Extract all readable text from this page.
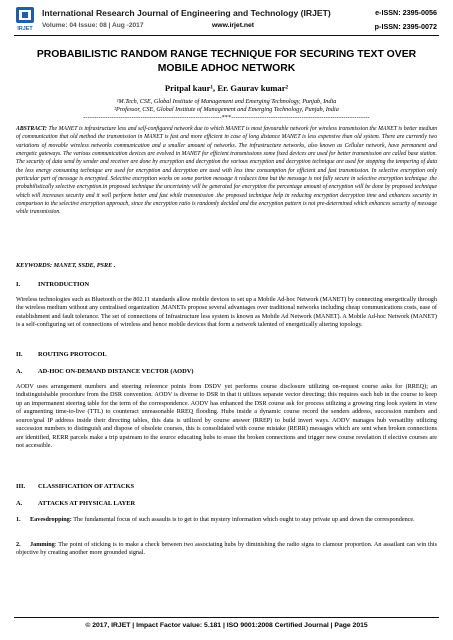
IRJET
International Research Journal of Engineering and Technology (IRJET)	e-ISSN: 2395-0056
Volume: 04 Issue: 08 | Aug -2017	www.irjet.net	p-ISSN: 2395-0072
PROBABILISTIC RANDOM RANGE TECHNIQUE FOR SECURING TEXT OVER MOBILE ADHOC NETWORK
Pritpal kaur¹, Er. Gaurav kumar²
¹M.Tech, CSE, Global Institute of Management and Emerging Technology, Punjab, India
²Professor, CSE, Global Institute of Management and Emerging Technology, Punjab, India
---------------------------------------------------------------***---------------------------------------------------------------
ABSTRACT: The MANET is infrastructure less and self-configured network due to which MANET is most favourable network for wireless transmission the MANET is better medium of communication that old method the transmission in MANET is fast and more efficient in case of long distance MANET is less expensive than old system. There are currently two variations of movable wireless networks communication and a smaller amount of networks. The infrastructure networks, also known as Cellular network, have permanent and energetic gateways. The various communication devices are evolved in MANET for efficient transmissions some fixed devices are used for better transmission are called base station. The security of data send by sender and receiver are done by encryption and decryption the various encryption and decryption technique are used for stopping the tempering of data the less energy consuming technique are used for encryption and decryption are used with less time consumption for efficient and fast transmission. In selective encryption only particular part of message is encrypted. Selective encryption works on some portion message it reduces time but the message is not fully secure in selective encryption technique .the probabilistically selective encryption.in proposed technique the uncertainty will be generated for encryption the percentage amount of encryption will be done by proposed technique which will increases security and it well perform better and fast while transmission .the proposed technique help in reducing encryption decryption time and enhances security in comparison to the selective encryption approach, since the encryption ratio is randomly decided and the encryption pattern is not pre-determined which enhances security of message while transmission.
KEYWORDS: MANET, SSDE, PSRE .
I.	INTRODUCTION
Wireless technologies such as Bluetooth or the 802.11 standards allow mobile devices to set up a Mobile Ad-hoc Network (MANET) by connecting energetically through the wireless medium without any centralised organization .MANETs propose several advantages over traditional networks including cheap communications costs, ease of establishment and fault tolerance. The set of connections of Infrastructure less system is known as Mobile Ad Network (MANET). A Mobile Ad-hoc Network (MANET) is a self-configuring set of connections of wireless and hence mobile devices that form a network talented of energetically altering topology.
II. ROUTING PROTOCOL
A. AD-HOC ON-DEMAND DISTANCE VECTOR (AODV)
AODV uses arrangement numbers and steering reference points from DSDV yet performs course disclosure utilizing on-request course asks for (RREQ); an indistinguishable procedure from the DSR convention. AODV is diverse to DSR in that it utilizes separate vector directing; this requires each hub in the course to keep up an impermanent steering table for the term of the correspondence. AODV has enhanced the DSR course ask for process utilizing a growing ring look system in view of augmenting time-to-live (TTL) to counteract unreasonable RREQ flooding. Hubs inside a dynamic course record the senders address, succession numbers and source/goal IP address inside their directing tables, this data is utilized by course answer (RREP) to build invert ways. AODV manages hub versatility utilizing succession numbers to distinguish and dispose of obsolete courses, this is consolidated with course mistake (RERR) messages which are sent when broken connections are identified, RERR parcels make a trip upstream to the source educating hubs to erase the broken connections and trigger new course revelation if elective courses are not accessible.
III. CLASSIFICATION OF ATTACKS
A. ATTACKS AT PHYSICAL LAYER
1. Eavesdropping: The fundamental focus of such assaults is to get to that mystery information which ought to stay private up and down the correspondence.
2. Jamming: The point of sticking is to make a check between two associating hubs by diminishing the radio signs to clamour proportion. An assailant can win this objective by creating another more grounded signal.
© 2017, IRJET | Impact Factor value: 5.181 | ISO 9001:2008 Certified Journal | Page 2015
